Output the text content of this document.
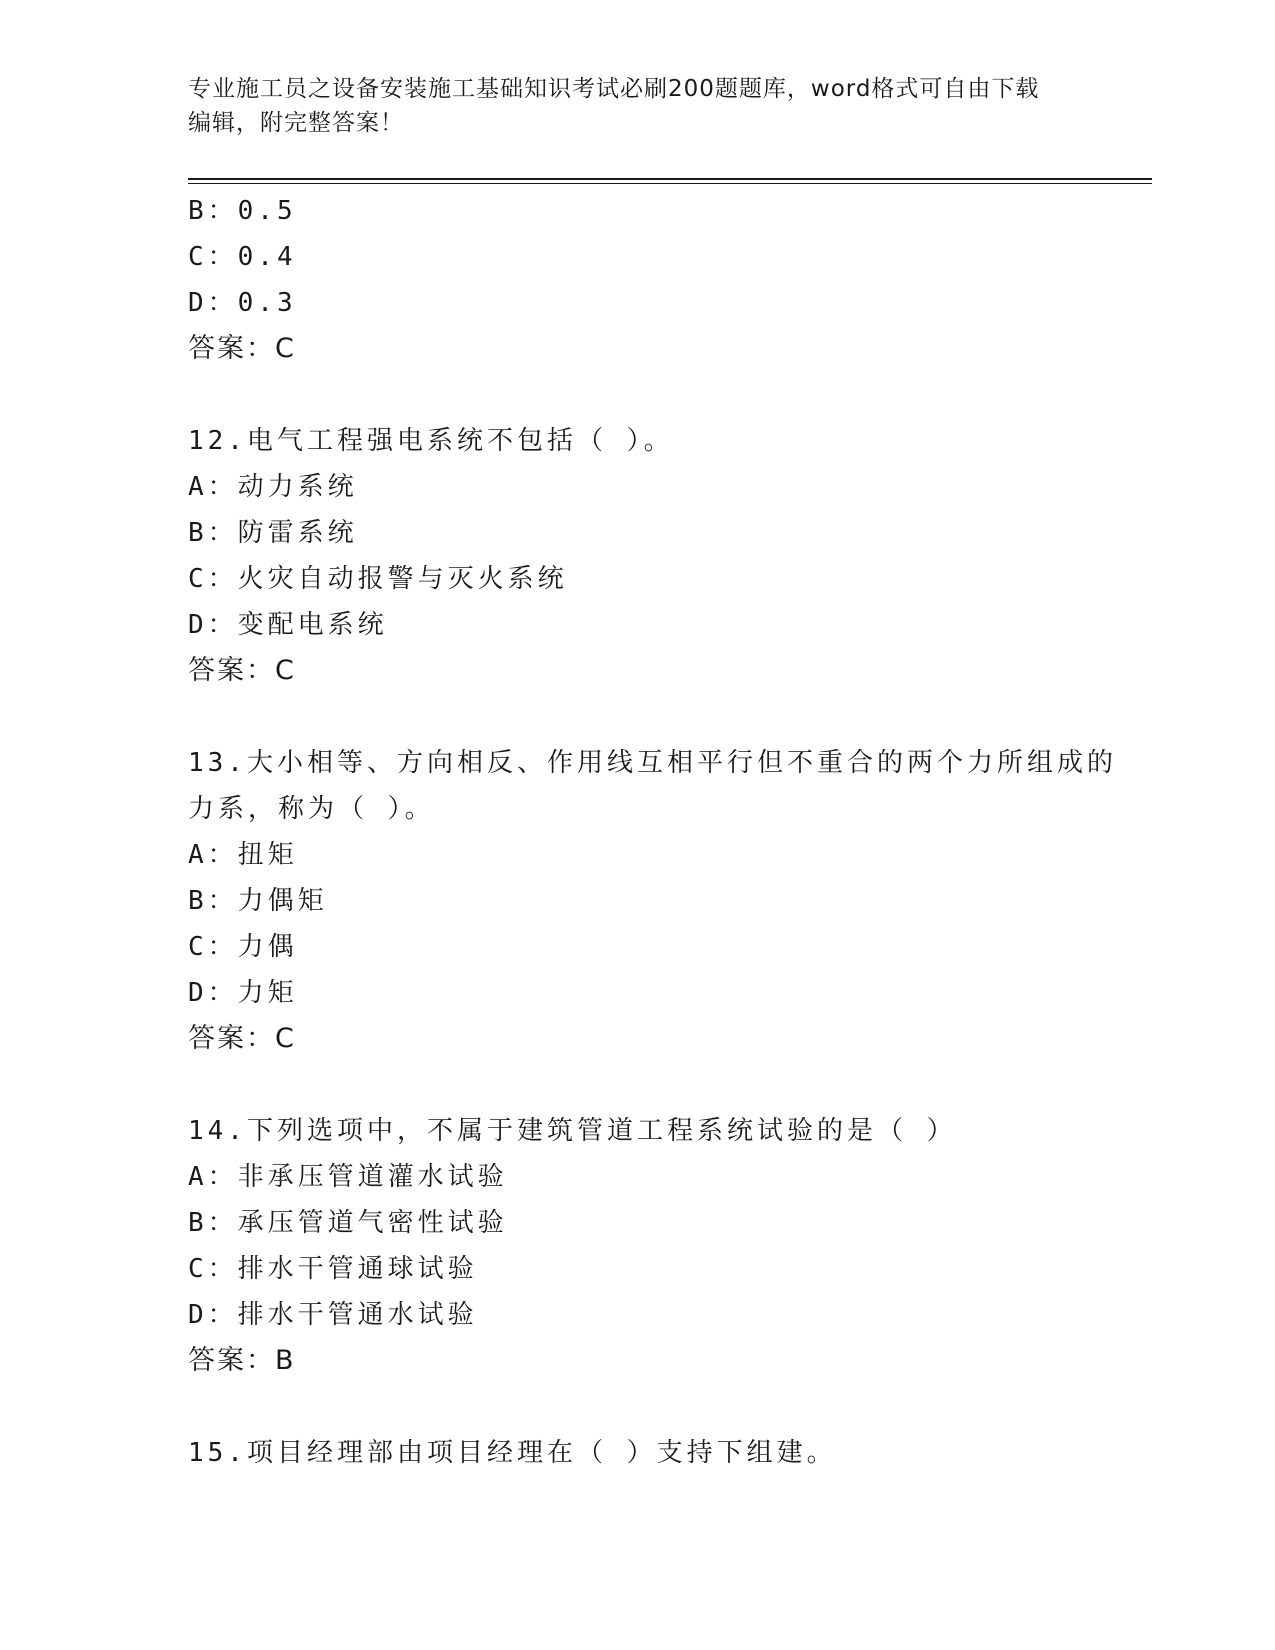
专业施工员之设备安装施工基础知识考试必刷200题题库，word格式可自由下载
编辑，附完整答案！
B：0.5
C：0.4
D：0.3
答案：C
12.电气工程强电系统不包括（ ）。
A：动力系统
B：防雷系统
C：火灾自动报警与灭火系统
D：变配电系统
答案：C
13.大小相等、方向相反、作用线互相平行但不重合的两个力所组成的
力系，称为（ ）。
A：扭矩
B：力偶矩
C：力偶
D：力矩
答案：C
14.下列选项中，不属于建筑管道工程系统试验的是（ ）
A：非承压管道灌水试验
B：承压管道气密性试验
C：排水干管通球试验
D：排水干管通水试验
答案：B
15.项目经理部由项目经理在（ ）支持下组建。
